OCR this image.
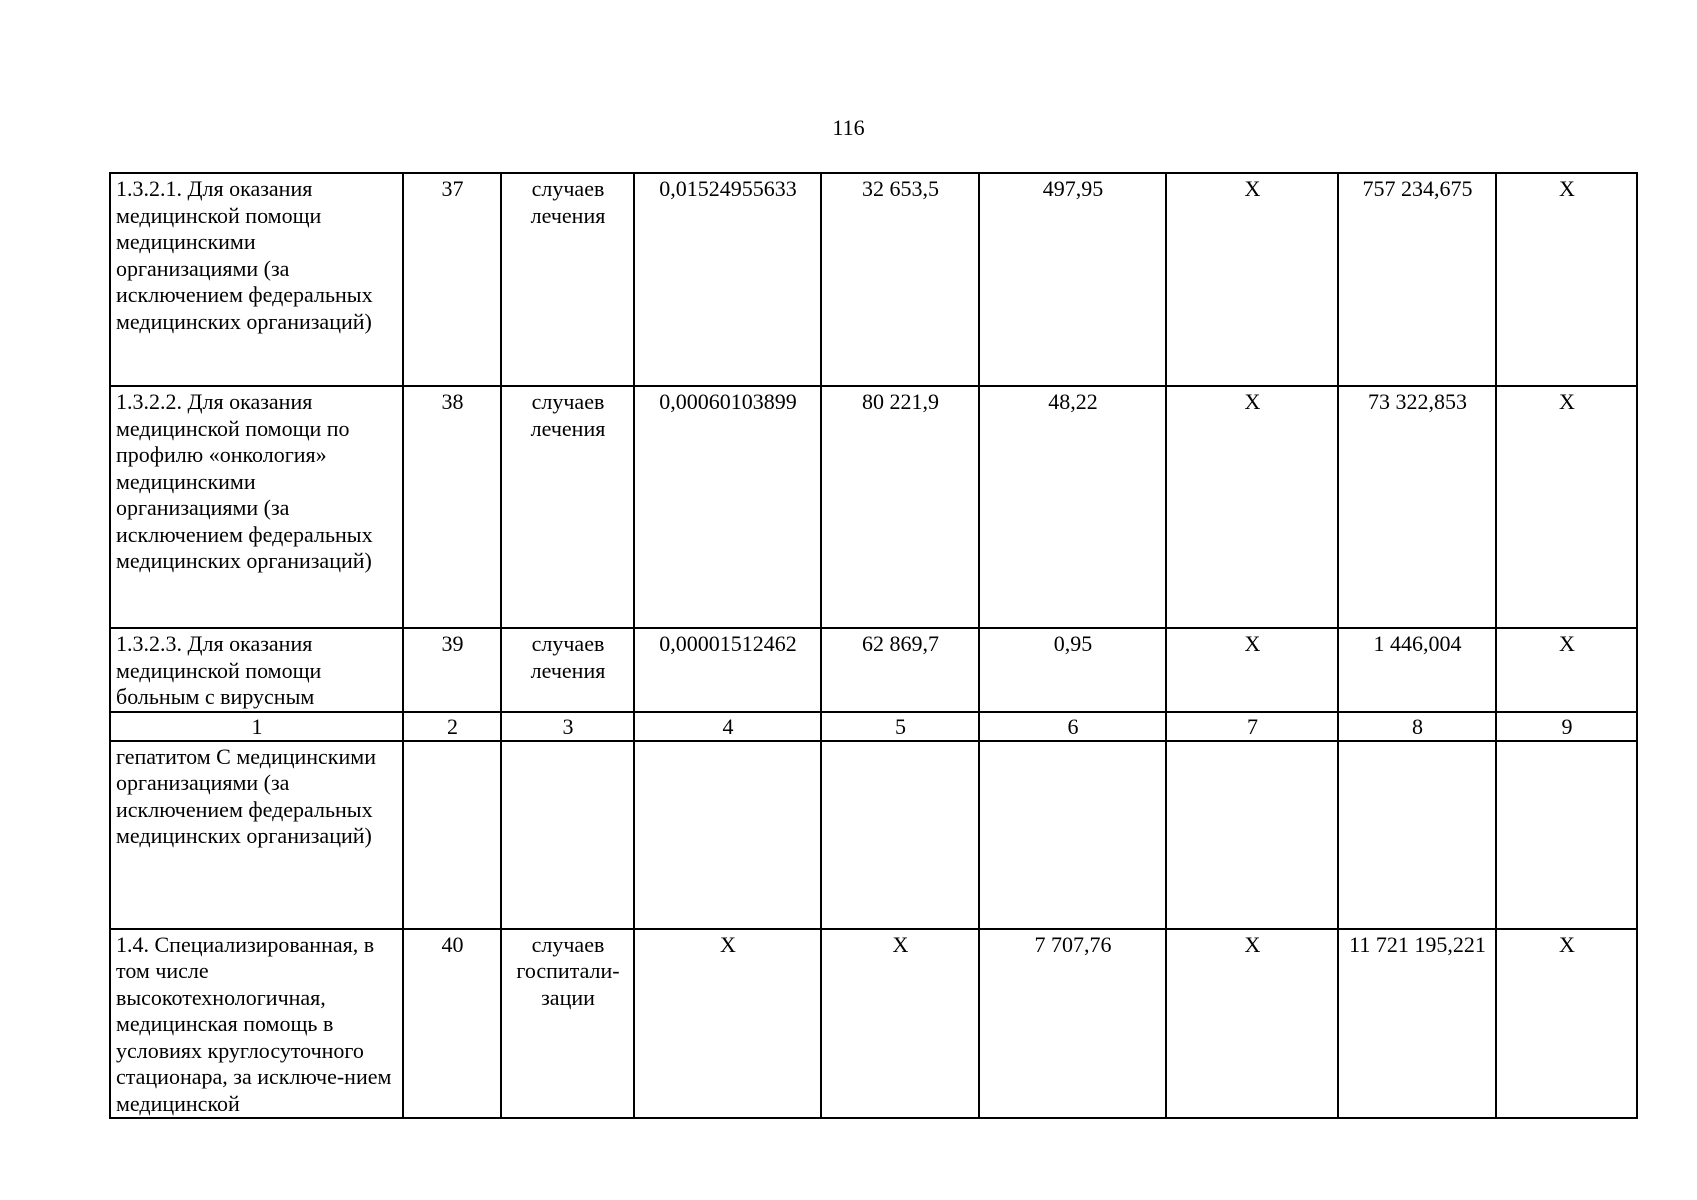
116
1.3.2.1. Для оказания медицинской помощи медицинскими организациями (за исключением федеральных медицинских организаций)	37	случаев лечения	0,01524955633	32 653,5	497,95	Х	757 234,675	Х
1.3.2.2. Для оказания медицинской помощи по профилю «онкология» медицинскими организациями (за исключением федеральных медицинских организаций)	38	случаев лечения	0,00060103899	80 221,9	48,22	Х	73 322,853	Х
1.3.2.3. Для оказания медицинской помощи больным с вирусным	39	случаев лечения	0,00001512462	62 869,7	0,95	Х	1 446,004	Х
1	2	3	4	5	6	7	8	9
гепатитом С медицинскими организациями (за исключением федеральных медицинских организаций)								
1.4. Специализированная, в том числе высокотехнологичная, медицинская помощь в условиях круглосуточного стационара, за исключе-нием медицинской	40	случаев госпитали-зации	Х	Х	7 707,76	Х	11 721 195,221	Х
